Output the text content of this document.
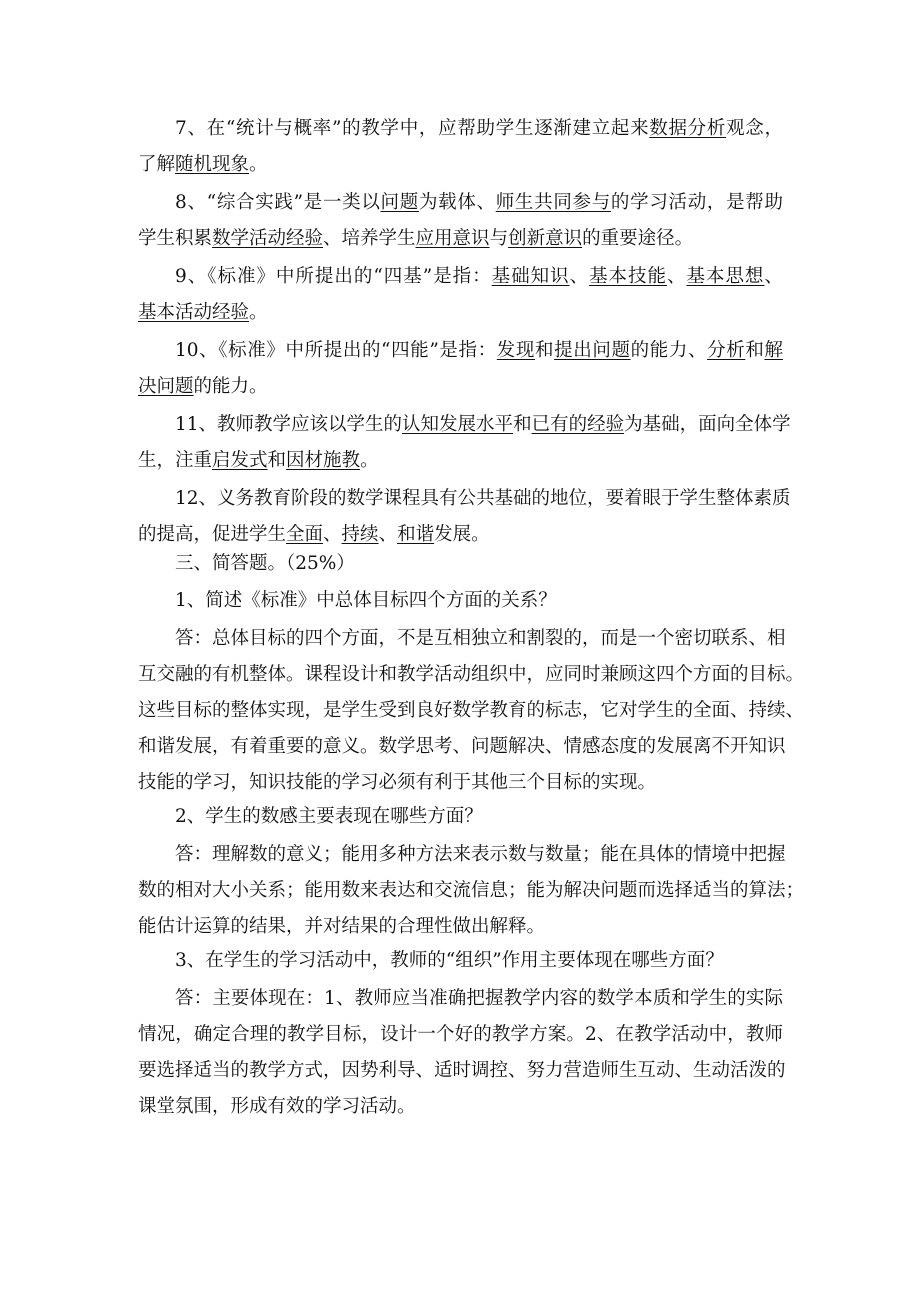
7、在“统计与概率”的教学中，应帮助学生逐渐建立起来数据分析观念，
了解随机现象。
8、“综合实践”是一类以问题为载体、师生共同参与的学习活动，是帮助
学生积累数学活动经验、培养学生应用意识与创新意识的重要途径。
9、《标准》中所提出的“四基”是指：基础知识、基本技能、基本思想、
基本活动经验。
10、《标准》中所提出的“四能”是指：发现和提出问题的能力、分析和解
决问题的能力。
11、教师教学应该以学生的认知发展水平和已有的经验为基础，面向全体学
生，注重启发式和因材施教。
12、义务教育阶段的数学课程具有公共基础的地位，要着眼于学生整体素质
的提高，促进学生全面、持续、和谐发展。
三、简答题。（25%）
1、简述《标准》中总体目标四个方面的关系？
答：总体目标的四个方面，不是互相独立和割裂的，而是一个密切联系、相
互交融的有机整体。课程设计和教学活动组织中，应同时兼顾这四个方面的目标。
这些目标的整体实现，是学生受到良好数学教育的标志，它对学生的全面、持续、
和谐发展，有着重要的意义。数学思考、问题解决、情感态度的发展离不开知识
技能的学习，知识技能的学习必须有利于其他三个目标的实现。
2、学生的数感主要表现在哪些方面？
答：理解数的意义；能用多种方法来表示数与数量；能在具体的情境中把握
数的相对大小关系；能用数来表达和交流信息；能为解决问题而选择适当的算法；
能估计运算的结果，并对结果的合理性做出解释。
3、在学生的学习活动中，教师的“组织”作用主要体现在哪些方面？
答：主要体现在：1、教师应当准确把握教学内容的数学本质和学生的实际
情况，确定合理的教学目标，设计一个好的教学方案。2、在教学活动中，教师
要选择适当的教学方式，因势利导、适时调控、努力营造师生互动、生动活泼的
课堂氛围，形成有效的学习活动。
